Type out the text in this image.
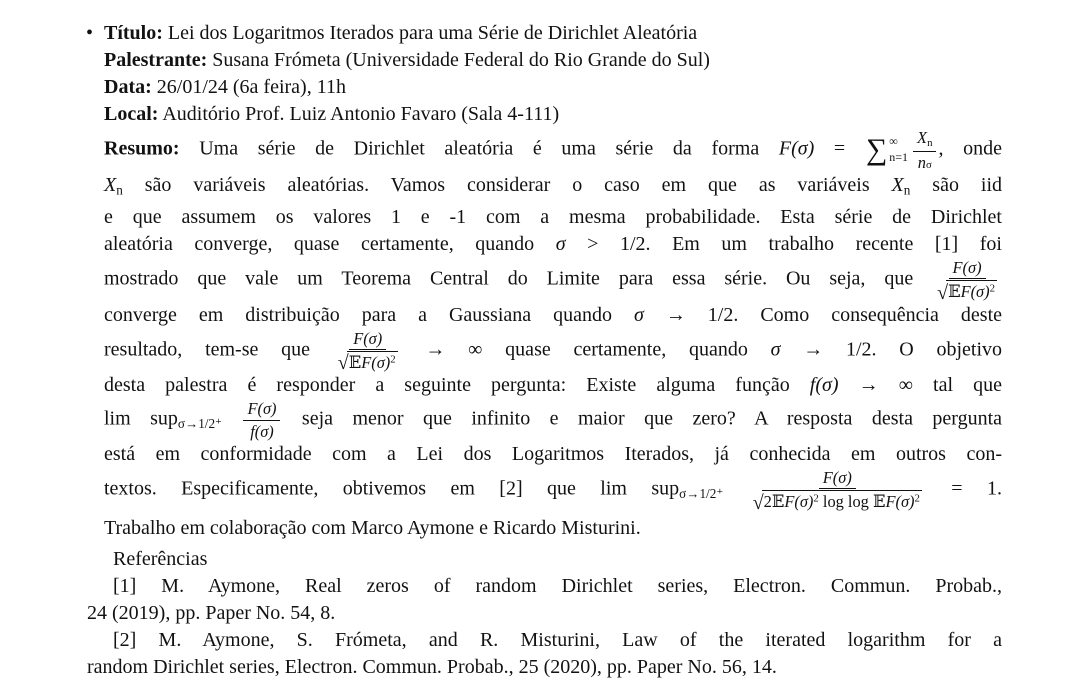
• Título: Lei dos Logaritmos Iterados para uma Série de Dirichlet Aleatória
Palestrante: Susana Frómeta (Universidade Federal do Rio Grande do Sul)
Data: 26/01/24 (6a feira), 11h
Local: Auditório Prof. Luiz Antonio Favaro (Sala 4-111)
Resumo: Uma série de Dirichlet aleatória é uma série da forma F(σ) = ∑ ∞
$n=1 \frac{Xn}{\text{n σ}}$ , onde
Xn são variáveis aleatórias. Vamos considerar o caso em que as variáveis Xn são iid
e que assumem os valores 1 e -1 com a mesma probabilidade. Esta série de Dirichlet
aleatória converge, quase certamente, quando σ > 1/2. Em um trabalho recente [1] foi
mostrado que vale um Teorema Central do Limite para essa série. Ou seja, que $\frac{F(\sigma)}{√ 𝔼F(\sigma)^2}$
converge em distribuição para a Gaussiana quando σ → 1/2. Como consequência deste
resultado, tem-se que $\frac{F(\sigma)}{√ 𝔼F(\sigma)^2}$ → ∞ quase certamente, quando σ → 1/2. O objetivo
desta palestra é responder a seguinte pergunta: Existe alguma função f(σ) → ∞ tal que
$\lim sup\sigma\to 1/2^+ \frac{F(\sigma)}{f(\sigma)}$ seja menor que infinito e maior que zero? A resposta desta pergunta
está em conformidade com a Lei dos Logaritmos Iterados, já conhecida em outros con-
textos. Especificamente, obtivemos em [2] que $\lim sup\sigma\to 1/2^+ \frac{F(\sigma)}{√ 2𝔼F(\sigma)^2 \log \log 𝔼F(\sigma)^2} = 1$.
Trabalho em colaboração com Marco Aymone e Ricardo Misturini.
Referências
[1] M. Aymone, Real zeros of random Dirichlet series, Electron. Commun. Probab.,
24 (2019), pp. Paper No. 54, 8.
[2] M. Aymone, S. Frómeta, and R. Misturini, Law of the iterated logarithm for a
random Dirichlet series, Electron. Commun. Probab., 25 (2020), pp. Paper No. 56, 14.
